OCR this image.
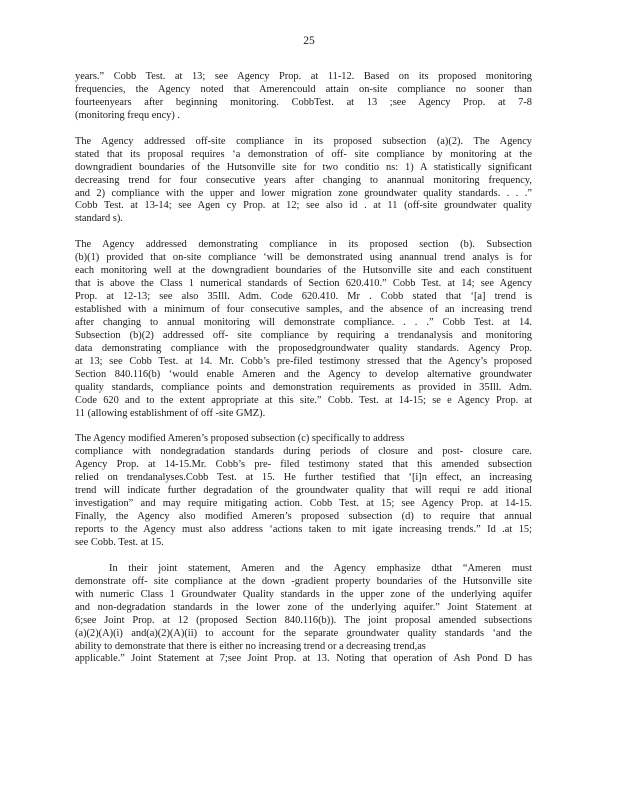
25
years.” Cobb Test. at 13; see Agency Prop. at 11-12. Based on its proposed monitoring
frequencies, the Agency noted that Amerencould attain on-site compliance no sooner than
fourteenyears after beginning monitoring. CobbTest. at 13 ;see Agency Prop. at 7-8
(monitoring frequ ency) .
The Agency addressed off-site compliance in its proposed subsection (a)(2). The Agency
stated that its proposal requires ‘a demonstration of off- site compliance by monitoring at the
downgradient boundaries of the Hutsonville site for two conditio ns: 1) A statistically significant
decreasing trend for four consecutive years after changing to anannual monitoring frequency,
and 2) compliance with the upper and lower migration zone groundwater quality standards. . . .”
Cobb Test. at 13-14; see Agen cy Prop. at 12; see also id . at 11 (off-site groundwater quality
standard s).
The Agency addressed demonstrating compliance in its proposed section (b). Subsection
(b)(1) provided that on-site compliance ‘will be demonstrated using anannual trend analys is for
each monitoring well at the downgradient boundaries of the Hutsonville site and each constituent
that is above the Class 1 numerical standards of Section 620.410.” Cobb Test. at 14; see Agency
Prop. at 12-13; see also 35Ill. Adm. Code 620.410. Mr . Cobb stated that ‘[a] trend is
established with a minimum of four consecutive samples, and the absence of an increasing trend
after changing to annual monitoring will demonstrate compliance. . . .” Cobb Test. at 14.
Subsection (b)(2) addressed off- site compliance by requiring a trendanalysis and monitoring
data demonstrating compliance with the proposedgroundwater quality standards. Agency Prop.
at 13; see Cobb Test. at 14. Mr. Cobb’s pre-filed testimony stressed that the Agency’s proposed
Section 840.116(b) ‘would enable Ameren and the Agency to develop alternative groundwater
quality standards, compliance points and demonstration requirements as provided in 35Ill. Adm.
Code 620 and to the extent appropriate at this site.” Cobb. Test. at 14-15; se e Agency Prop. at
11 (allowing establishment of off -site GMZ).
The Agency modified Ameren’s proposed subsection (c) specifically to address
compliance with nondegradation standards during periods of closure and post- closure care.
Agency Prop. at 14-15.Mr. Cobb’s pre- filed testimony stated that this amended subsection
relied on trendanalyses.Cobb Test. at 15. He further testified that ‘[i]n effect, an increasing
trend will indicate further degradation of the groundwater quality that will requi re add itional
investigation” and may require mitigating action. Cobb Test. at 15; see Agency Prop. at 14-15.
Finally, the Agency also modified Ameren’s proposed subsection (d) to require that annual
reports to the Agency must also address ‘actions taken to mit igate increasing trends.” Id .at 15;
see Cobb. Test. at 15.
In their joint statement, Ameren and the Agency emphasize dthat “Ameren must
demonstrate off- site compliance at the down -gradient property boundaries of the Hutsonville site
with numeric Class 1 Groundwater Quality standards in the upper zone of the underlying aquifer
and non-degradation standards in the lower zone of the underlying aquifer.” Joint Statement at
6;see Joint Prop. at 12 (proposed Section 840.116(b)). The joint proposal amended subsections
(a)(2)(A)(i) and(a)(2)(A)(ii) to account for the separate groundwater quality standards ‘and the
ability to demonstrate that there is either no increasing trend or a decreasing trend,as
applicable.” Joint Statement at 7;see Joint Prop. at 13. Noting that operation of Ash Pond D has
